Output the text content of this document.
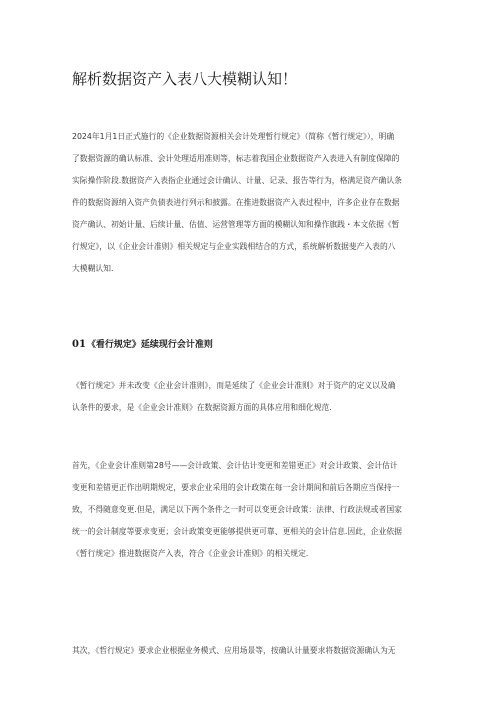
解析数据资产入表八大模糊认知！

2024年1月1日正式施行的《企业数据资源相关会计处理暂行规定》（简称《暂行规定》），明确
了数据资源的确认标准、会计处理适用准则等，标志着我国企业数据资产入表进入有制度保障的
实际操作阶段.数据资产入表指企业通过会计确认、计量、记录、报告等行为，格满足资产确认条
件的数据资源纳入资产负债表进行列示和披露。在推进数据资产入表过程中，许多企业存在数据
资产确认、初始计量、后续计量、估值、运营管理等方面的模糊认知和操作旗践・本文依据《暂
行规定》，以《企业会计准则》相关规定与企业实践相结合的方式，系统解析数据斐产入表的八
大模糊认知.

01《看行规定》延续现行会计准则

《暂行规定》并未改变《企业会计准则》，而是延续了《企业会计准则》对于资产的定义以及确
认条件的要求，是《企业会计准则》在数据资源方面的具体应用和细化规范.

首先，《企业会计准则第28号——会计政策、会计估计变更和差错更正》对会计政策、会计估计
变更和差错更正作出明期规定，要求企业采用的会计政策在每一会计期间和前后各期应当保持一
致，不得随意变更.但是，满足以下两个条件之一时可以变更会计政策：法律、行政法规或者国家
统一的会计制度等要求变更；会计政策变更能够提供更可靠、更相关的会计信息.因此，企业依据
《暂行规定》推进数据资产入表，符合《企业会计准则》的相关规定.

其次，《哲行规定》要求企业根据业务模式、应用场景等，按确认计量要求将数据资源确认为无
